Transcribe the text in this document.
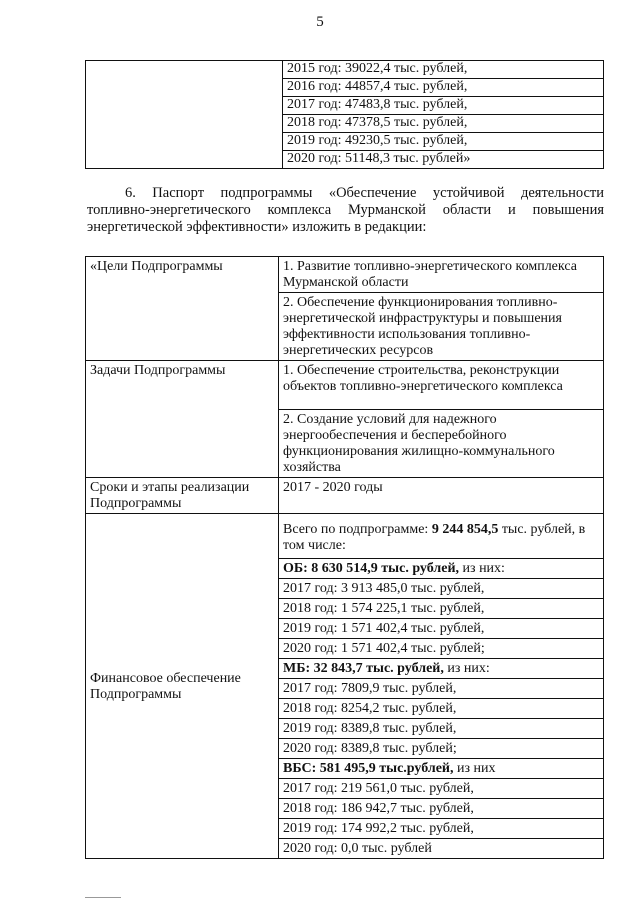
5
	2015 год: 39022,4 тыс. рублей,
2016 год: 44857,4 тыс. рублей,
2017 год: 47483,8 тыс. рублей,
2018 год: 47378,5 тыс. рублей,
2019 год: 49230,5 тыс. рублей,
2020 год: 51148,3 тыс. рублей»
6. Паспорт подпрограммы «Обеспечение устойчивой деятельности топливно-энергетического комплекса Мурманской области и повышения энергетической эффективности» изложить в редакции:
«Цели Подпрограммы	1. Развитие топливно-энергетического комплекса Мурманской области
	2. Обеспечение функционирования топливно-энергетической инфраструктуры и повышения эффективности использования топливно-энергетических ресурсов
Задачи Подпрограммы	1. Обеспечение строительства, реконструкции объектов топливно-энергетического комплекса
	2. Создание условий для надежного энергообеспечения и бесперебойного функционирования жилищно-коммунального хозяйства
Сроки и этапы реализации Подпрограммы	2017 - 2020 годы
Финансовое обеспечение Подпрограммы	Всего по подпрограмме: 9 244 854,5 тыс. рублей, в том числе:
	ОБ: 8 630 514,9 тыс. рублей, из них:
	2017 год: 3 913 485,0 тыс. рублей,
	2018 год: 1 574 225,1 тыс. рублей,
	2019 год: 1 571 402,4 тыс. рублей,
	2020 год: 1 571 402,4 тыс. рублей;
	МБ: 32 843,7 тыс. рублей, из них:
	2017 год: 7809,9 тыс. рублей,
	2018 год: 8254,2 тыс. рублей,
	2019 год: 8389,8 тыс. рублей,
	2020 год: 8389,8 тыс. рублей;
	ВБС: 581 495,9 тыс.рублей, из них
	2017 год: 219 561,0 тыс. рублей,
	2018 год: 186 942,7 тыс. рублей,
	2019 год: 174 992,2 тыс. рублей,
	2020 год: 0,0 тыс. рублей
